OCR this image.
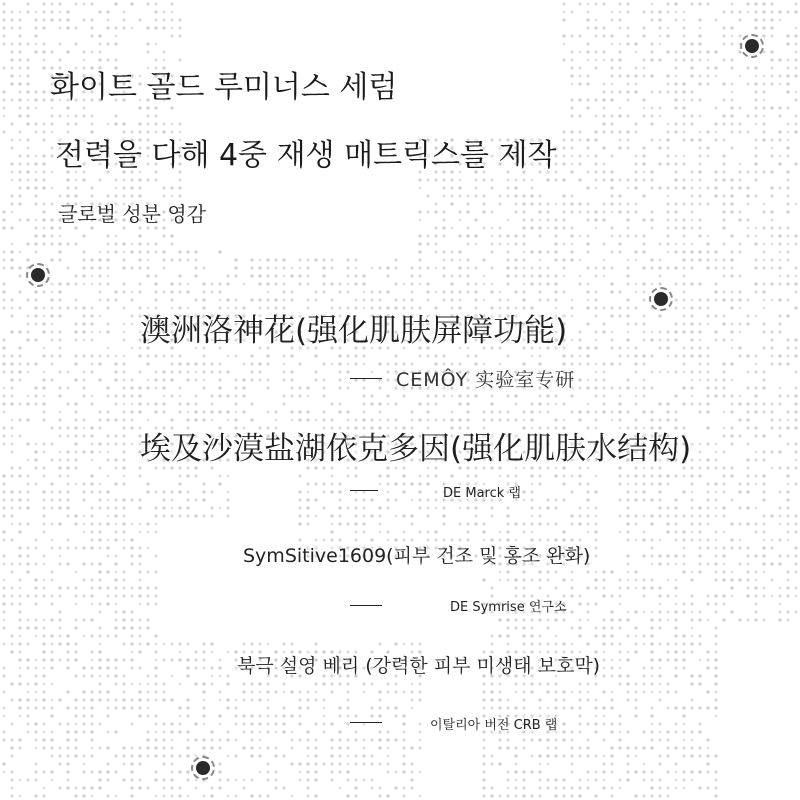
화이트 골드 루미너스 세럼
전력을 다해 4중 재생 매트릭스를 제작
글로벌 성분 영감
澳洲洛神花(强化肌肤屏障功能)
CEMÔY 实验室专研
埃及沙漠盐湖依克多因(强化肌肤水结构)
DE Marck 랩
SymSitive1609(피부 건조 및 홍조 완화)
DE Symrise 연구소
북극 설영 베리 (강력한 피부 미생태 보호막)
이탈리아 버전 CRB 랩
